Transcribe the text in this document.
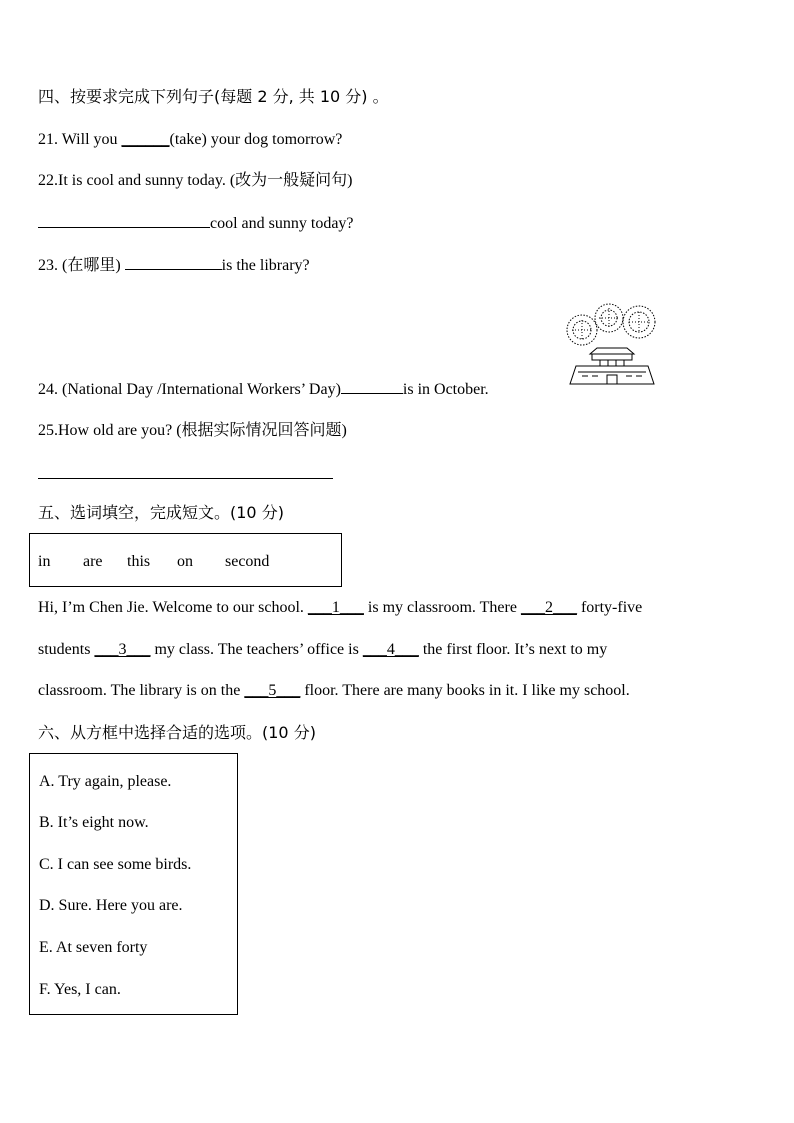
四、按要求完成下列句子(每题 2 分, 共 10 分) 。
21. Will you ______(take) your dog tomorrow?
22.It is cool and sunny today. (改为一般疑问句)
cool and sunny today?
23. (在哪里)	is the library?
24. (National Day /International Workers’ Day)	is in October.
25.How old are you? (根据实际情况回答问题)
五、选词填空，完成短文。(10 分)
in are this on second
Hi, I’m Chen Jie. Welcome to our school. ___1___ is my classroom. There ___2___ forty-five
students ___3___ my class. The teachers’ office is ___4___ the first floor. It’s next to my
classroom. The library is on the ___5___ floor. There are many books in it. I like my school.
六、从方框中选择合适的选项。(10 分)
A. Try again, please.
B. It’s eight now.
C. I can see some birds.
D. Sure. Here you are.
E. At seven forty
F. Yes, I can.
